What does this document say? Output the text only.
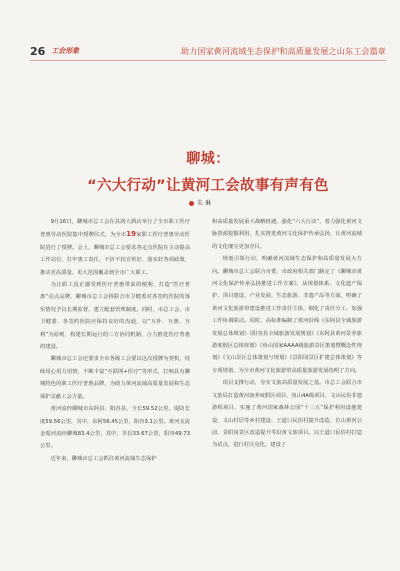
26 工会形象	助力国家黄河流域生态保护和高质量发展之山东工会篇章
聊城：
“六大行动”让黄河工会故事有声有色
朱 琳

9月16日，聊城市总工会在县润大酒店举行了全市职工医疗普惠劳动医院集中授牌仪式，为全市19家职工医疗普惠劳动医院进行了授牌。会上，聊城市总工会要求各定点医院在主动提高工作站位，打牢惠工责任，不折不扣宣传好、落实好各项政策，推动更高质量、更大范围覆盖到全市广大职工。

为让职工真正感受到医疗普惠带来的便利，打造“医疗普惠”亮点品牌，聊城市总工会将联合市卫健委对各签约医院的落实情况予以长期监督，建立配套管理制度。同时，市总工会、市卫健委、各签约医院应保持良好的沟通，以“互补、互惠、互利”为原则，构建长期运行的三方协同机制，合力推进医疗普惠的建设。

聊城市总工会还要求全市各级工会要以这次授牌为契机，持续用心用力用情，不断丰富“互联网+医疗”等形式，打响具有聊城特色的职工医疗普惠品牌，为助力黄河流域高质量发展和生态保护贡献工会力量。

黄河流经聊城市东阿县、阳谷县，全长59.52公里，堤防长度59.56公里，其中，东阿56.45公里，阳谷3.1公里。黄河支流金堤河流经聊城83.4公里，其中，莘县33.67公里，阳谷49.73公里。

近年来，聊城市总工会抓住黄河流域生态保护

和高质量发展重大战略机遇，强化“六大行动”，着力强化黄河文脉资源挖掘利用，扎实推进黄河文化保护传承弘扬，让黄河流域的文化瑰宝更加夺目。

规划引领行动，明确黄河流域生态保护和高质量发展大方向。聊城市总工会联合市委、市政府相关部门制定了《聊城市黄河文化保护传承弘扬推进工作方案》，从规划体系、文化遗产保护、项目建设、产业发展、生态旅游、非遗产品等方面，明确了黄河文化旅游带建设推进工作责任主体，细化了责任分工，加强工作协调联动。同时，高标准编制了黄河沿线《东阿县全域旅游发展总体规划》《阳谷县全域旅游发展规划》《东阿县黄河景养旅游度假区总体规划》《鱼山国家AAAA级旅游景区策划暨概念性规划》《文山景区总体策划与规划》《景阳冈景区扩建总体策划》等专项规划，为全市黄河文化旅游带高质量旅游发展指明了方向。

项目支撑行动，夯实文旅高质量发展之基。市总工会联合市文旅局打造黄河康养度假区项目、鱼山4A级项目、文山民俗非遗游程项目，实施了黄河国家森林公园“十三五”保护利用设施建设、文山村居等乡村建设、王道口民俗村提升改造、位山黄河公园、景阳冈景区改造提升等沿黄文旅项目。以王道口民俗村打造为试点，进行村庄亮化，建设了
